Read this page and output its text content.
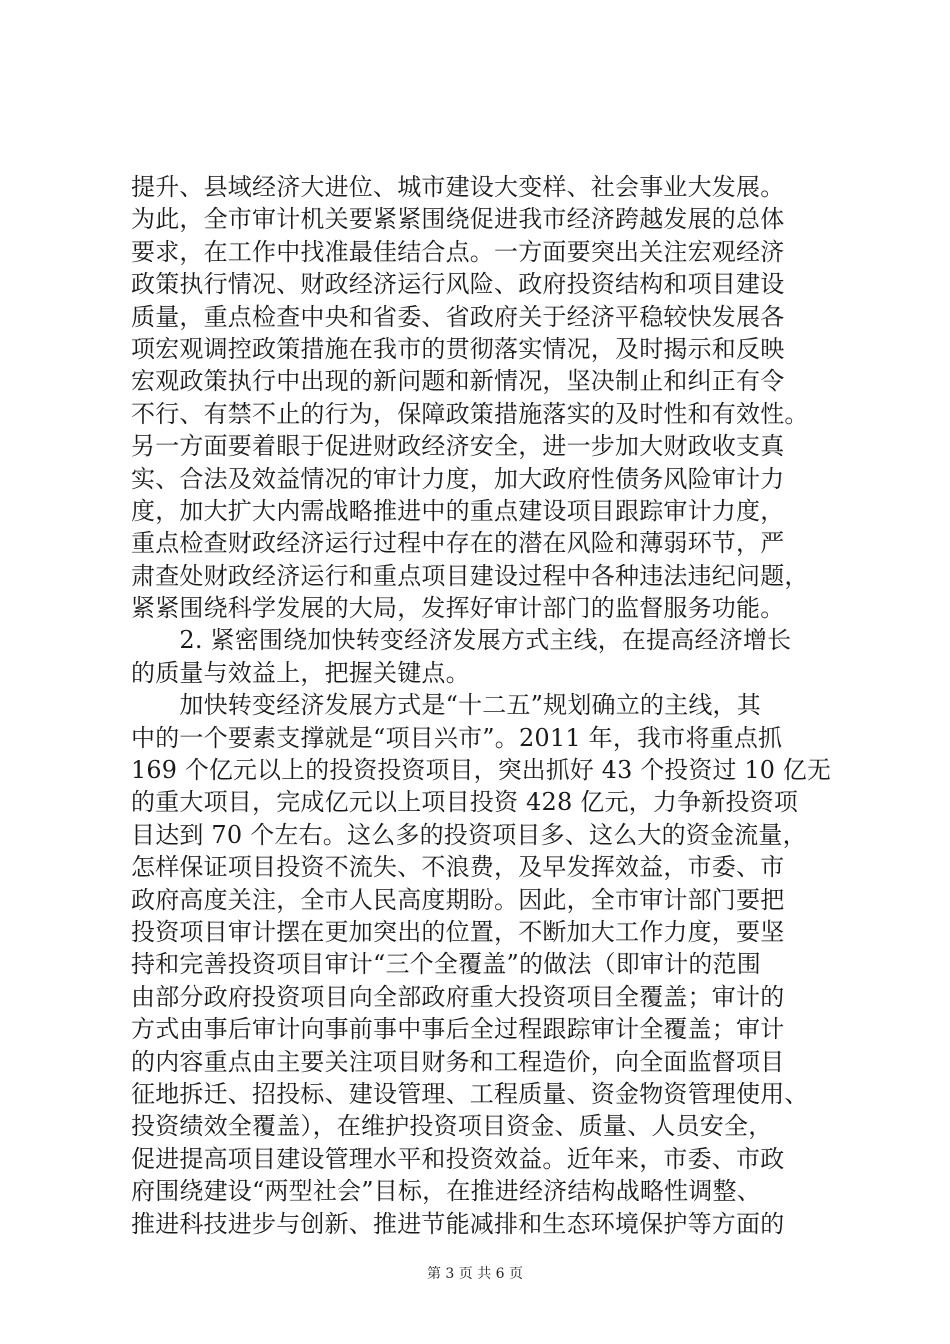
提升、县域经济大进位、城市建设大变样、社会事业大发展。
为此，全市审计机关要紧紧围绕促进我市经济跨越发展的总体
要求，在工作中找准最佳结合点。一方面要突出关注宏观经济
政策执行情况、财政经济运行风险、政府投资结构和项目建设
质量，重点检查中央和省委、省政府关于经济平稳较快发展各
项宏观调控政策措施在我市的贯彻落实情况，及时揭示和反映
宏观政策执行中出现的新问题和新情况，坚决制止和纠正有令
不行、有禁不止的行为，保障政策措施落实的及时性和有效性。
另一方面要着眼于促进财政经济安全，进一步加大财政收支真
实、合法及效益情况的审计力度，加大政府性债务风险审计力
度，加大扩大内需战略推进中的重点建设项目跟踪审计力度，
重点检查财政经济运行过程中存在的潜在风险和薄弱环节，严
肃查处财政经济运行和重点项目建设过程中各种违法违纪问题，
紧紧围绕科学发展的大局，发挥好审计部门的监督服务功能。
　　2. 紧密围绕加快转变经济发展方式主线，在提高经济增长
的质量与效益上，把握关键点。
　　加快转变经济发展方式是“十二五”规划确立的主线，其
中的一个要素支撑就是“项目兴市”。2011 年，我市将重点抓
169 个亿元以上的投资投资项目，突出抓好 43 个投资过 10 亿无
的重大项目，完成亿元以上项目投资 428 亿元，力争新投资项
目达到 70 个左右。这么多的投资项目多、这么大的资金流量，
怎样保证项目投资不流失、不浪费，及早发挥效益，市委、市
政府高度关注，全市人民高度期盼。因此，全市审计部门要把
投资项目审计摆在更加突出的位置，不断加大工作力度，要坚
持和完善投资项目审计“三个全覆盖”的做法（即审计的范围
由部分政府投资项目向全部政府重大投资项目全覆盖；审计的
方式由事后审计向事前事中事后全过程跟踪审计全覆盖；审计
的内容重点由主要关注项目财务和工程造价，向全面监督项目
征地拆迁、招投标、建设管理、工程质量、资金物资管理使用、
投资绩效全覆盖），在维护投资项目资金、质量、人员安全，
促进提高项目建设管理水平和投资效益。近年来，市委、市政
府围绕建设“两型社会”目标，在推进经济结构战略性调整、
推进科技进步与创新、推进节能减排和生态环境保护等方面的
第 3 页 共 6 页
